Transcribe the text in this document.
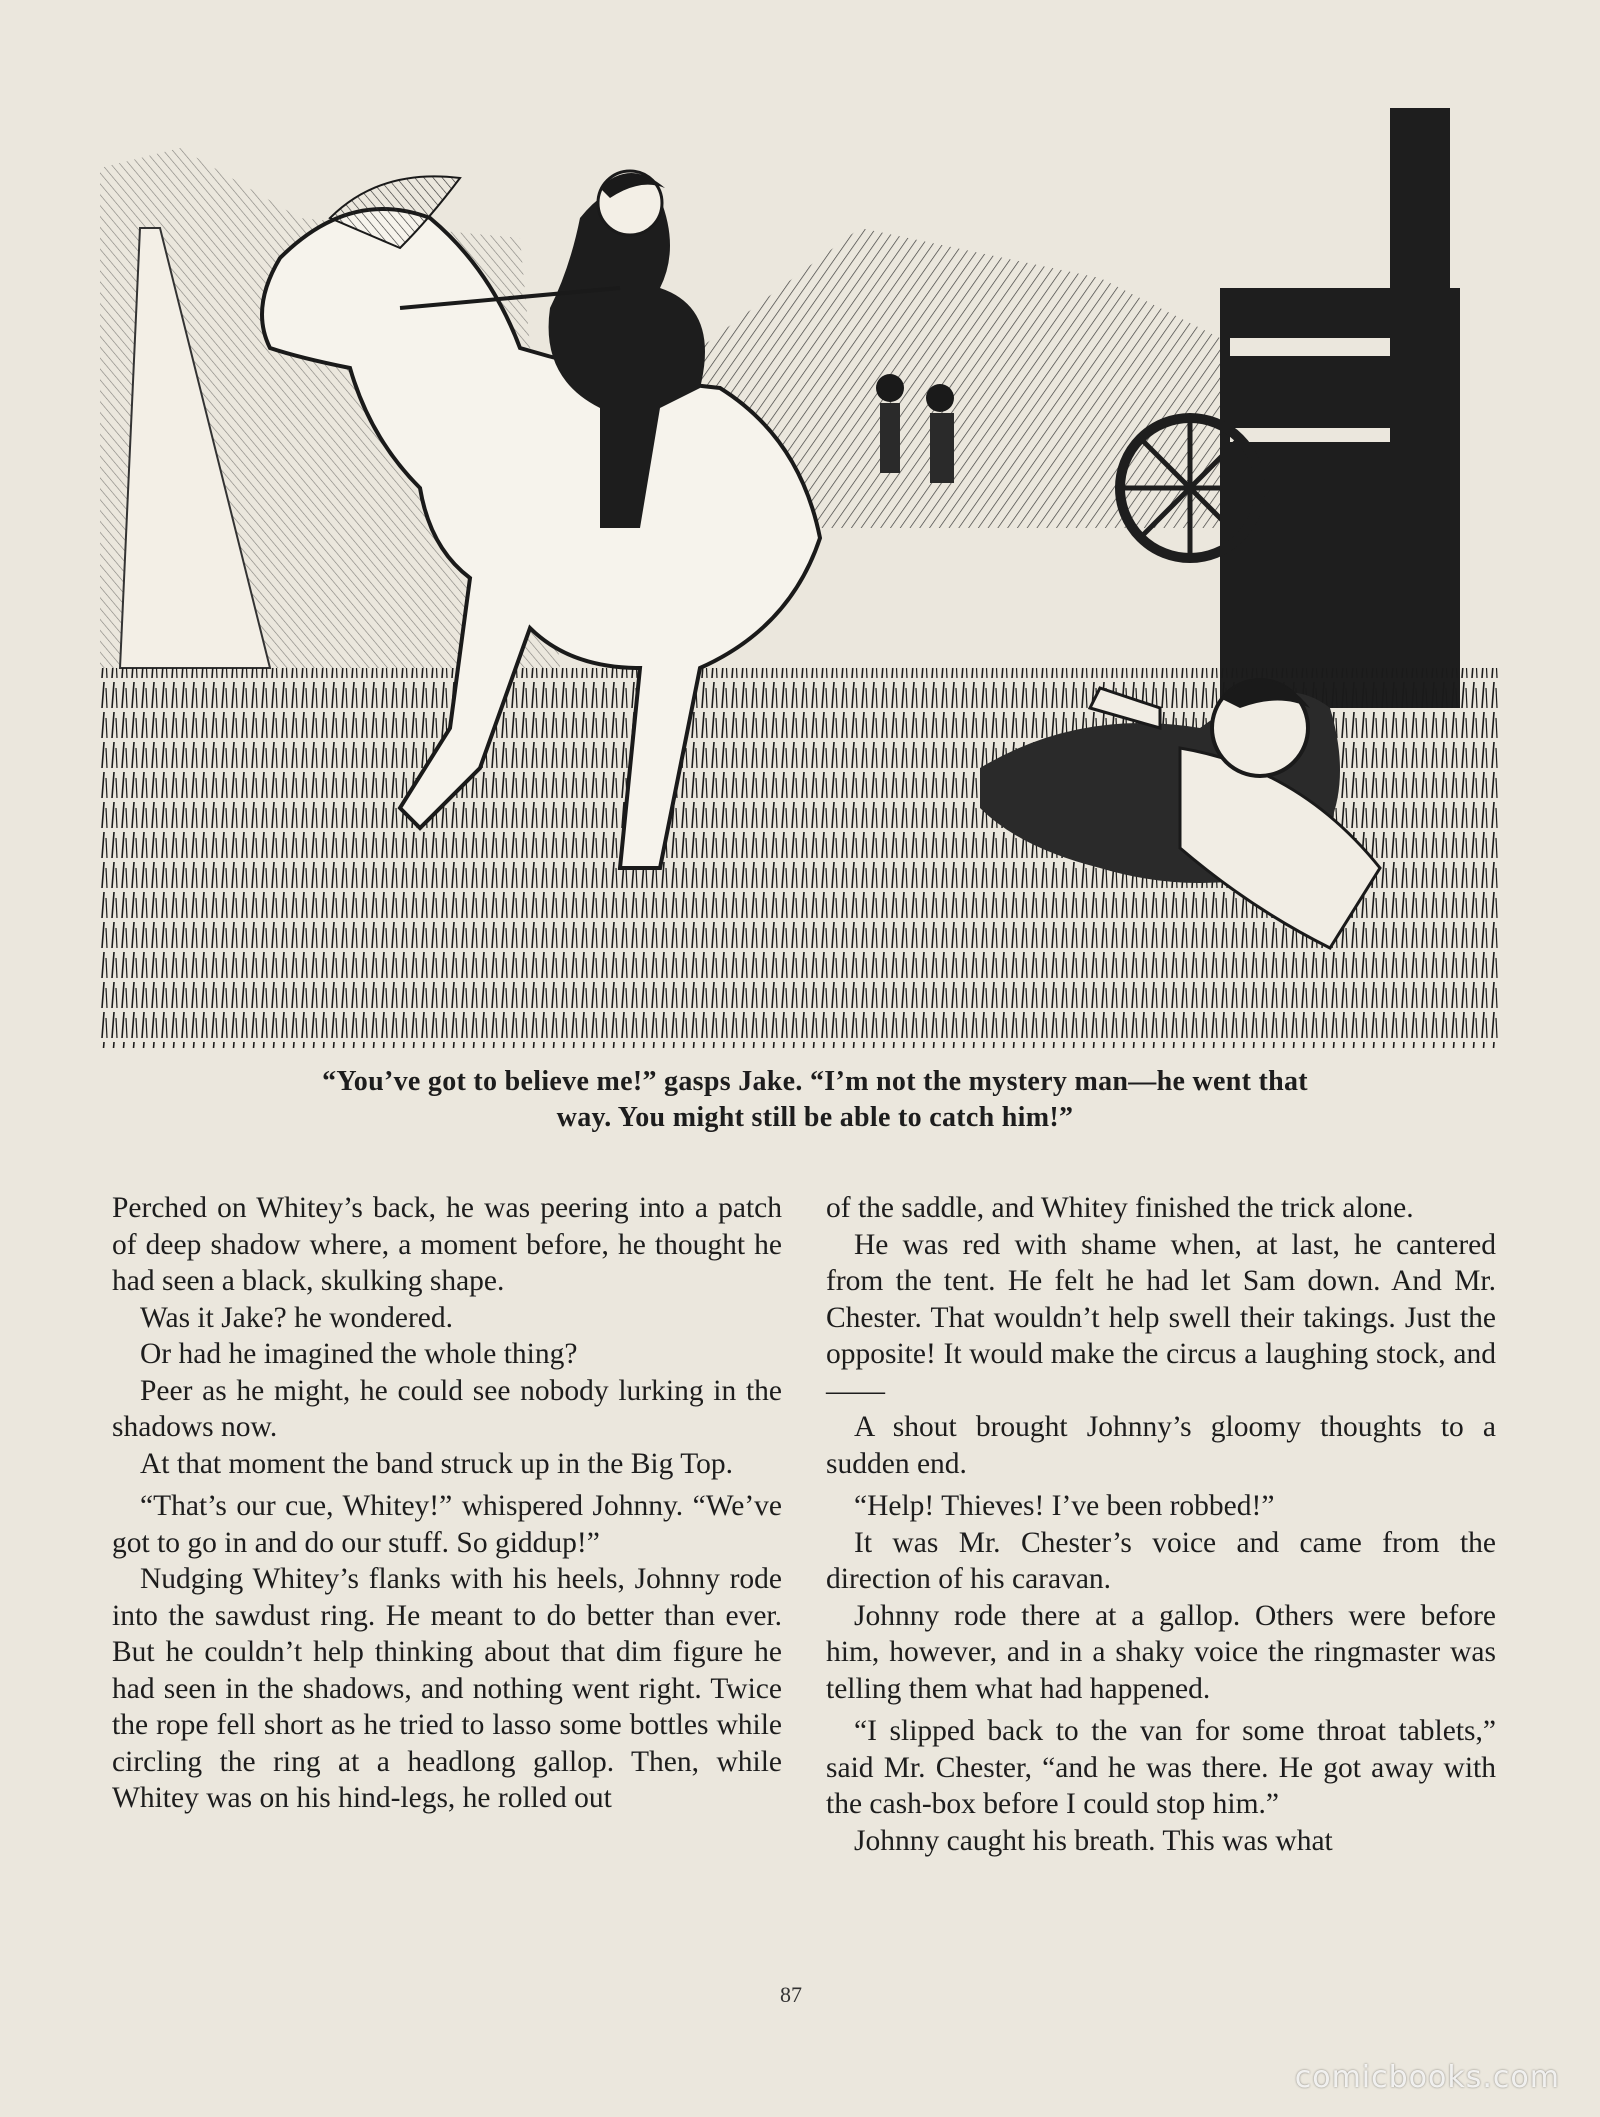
“You’ve got to believe me!” gasps Jake. “I’m not the mystery man—he went that
way. You might still be able to catch him!”

Perched on Whitey’s back, he was peering into a patch of deep shadow where, a moment before, he thought he had seen a black, skulking shape.

Was it Jake? he wondered.

Or had he imagined the whole thing?

Peer as he might, he could see nobody lurking in the shadows now.

At that moment the band struck up in the Big Top.

“That’s our cue, Whitey!” whispered Johnny. “We’ve got to go in and do our stuff. So giddup!”

Nudging Whitey’s flanks with his heels, Johnny rode into the sawdust ring. He meant to do better than ever. But he couldn’t help thinking about that dim figure he had seen in the shadows, and nothing went right. Twice the rope fell short as he tried to lasso some bottles while circling the ring at a headlong gallop. Then, while Whitey was on his hind-legs, he rolled out

of the saddle, and Whitey finished the trick alone.

He was red with shame when, at last, he cantered from the tent. He felt he had let Sam down. And Mr. Chester. That wouldn’t help swell their takings. Just the opposite! It would make the circus a laughing stock, and——

A shout brought Johnny’s gloomy thoughts to a sudden end.

“Help! Thieves! I’ve been robbed!”

It was Mr. Chester’s voice and came from the direction of his caravan.

Johnny rode there at a gallop. Others were before him, however, and in a shaky voice the ringmaster was telling them what had happened.

“I slipped back to the van for some throat tablets,” said Mr. Chester, “and he was there. He got away with the cash-box before I could stop him.”

Johnny caught his breath. This was what

87
comicbooks.com
